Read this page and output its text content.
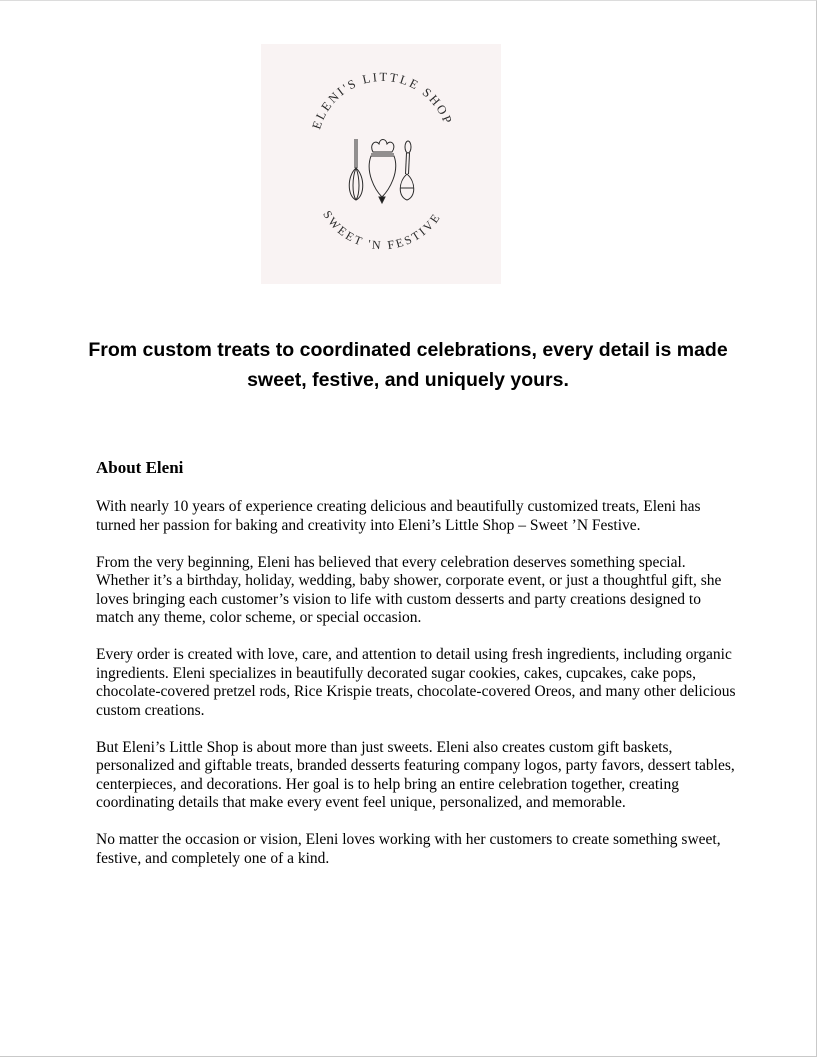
ELENI'S LITTLE SHOP
SWEET 'N FESTIVE

From custom treats to coordinated celebrations, every detail is made sweet, festive, and uniquely yours.

About Eleni

With nearly 10 years of experience creating delicious and beautifully customized treats, Eleni has turned her passion for baking and creativity into Eleni’s Little Shop – Sweet ’N Festive.

From the very beginning, Eleni has believed that every celebration deserves something special. Whether it’s a birthday, holiday, wedding, baby shower, corporate event, or just a thoughtful gift, she loves bringing each customer’s vision to life with custom desserts and party creations designed to match any theme, color scheme, or special occasion.

Every order is created with love, care, and attention to detail using fresh ingredients, including organic ingredients. Eleni specializes in beautifully decorated sugar cookies, cakes, cupcakes, cake pops, chocolate-covered pretzel rods, Rice Krispie treats, chocolate-covered Oreos, and many other delicious custom creations.

But Eleni’s Little Shop is about more than just sweets. Eleni also creates custom gift baskets, personalized and giftable treats, branded desserts featuring company logos, party favors, dessert tables, centerpieces, and decorations. Her goal is to help bring an entire celebration together, creating coordinating details that make every event feel unique, personalized, and memorable.

No matter the occasion or vision, Eleni loves working with her customers to create something sweet, festive, and completely one of a kind.
